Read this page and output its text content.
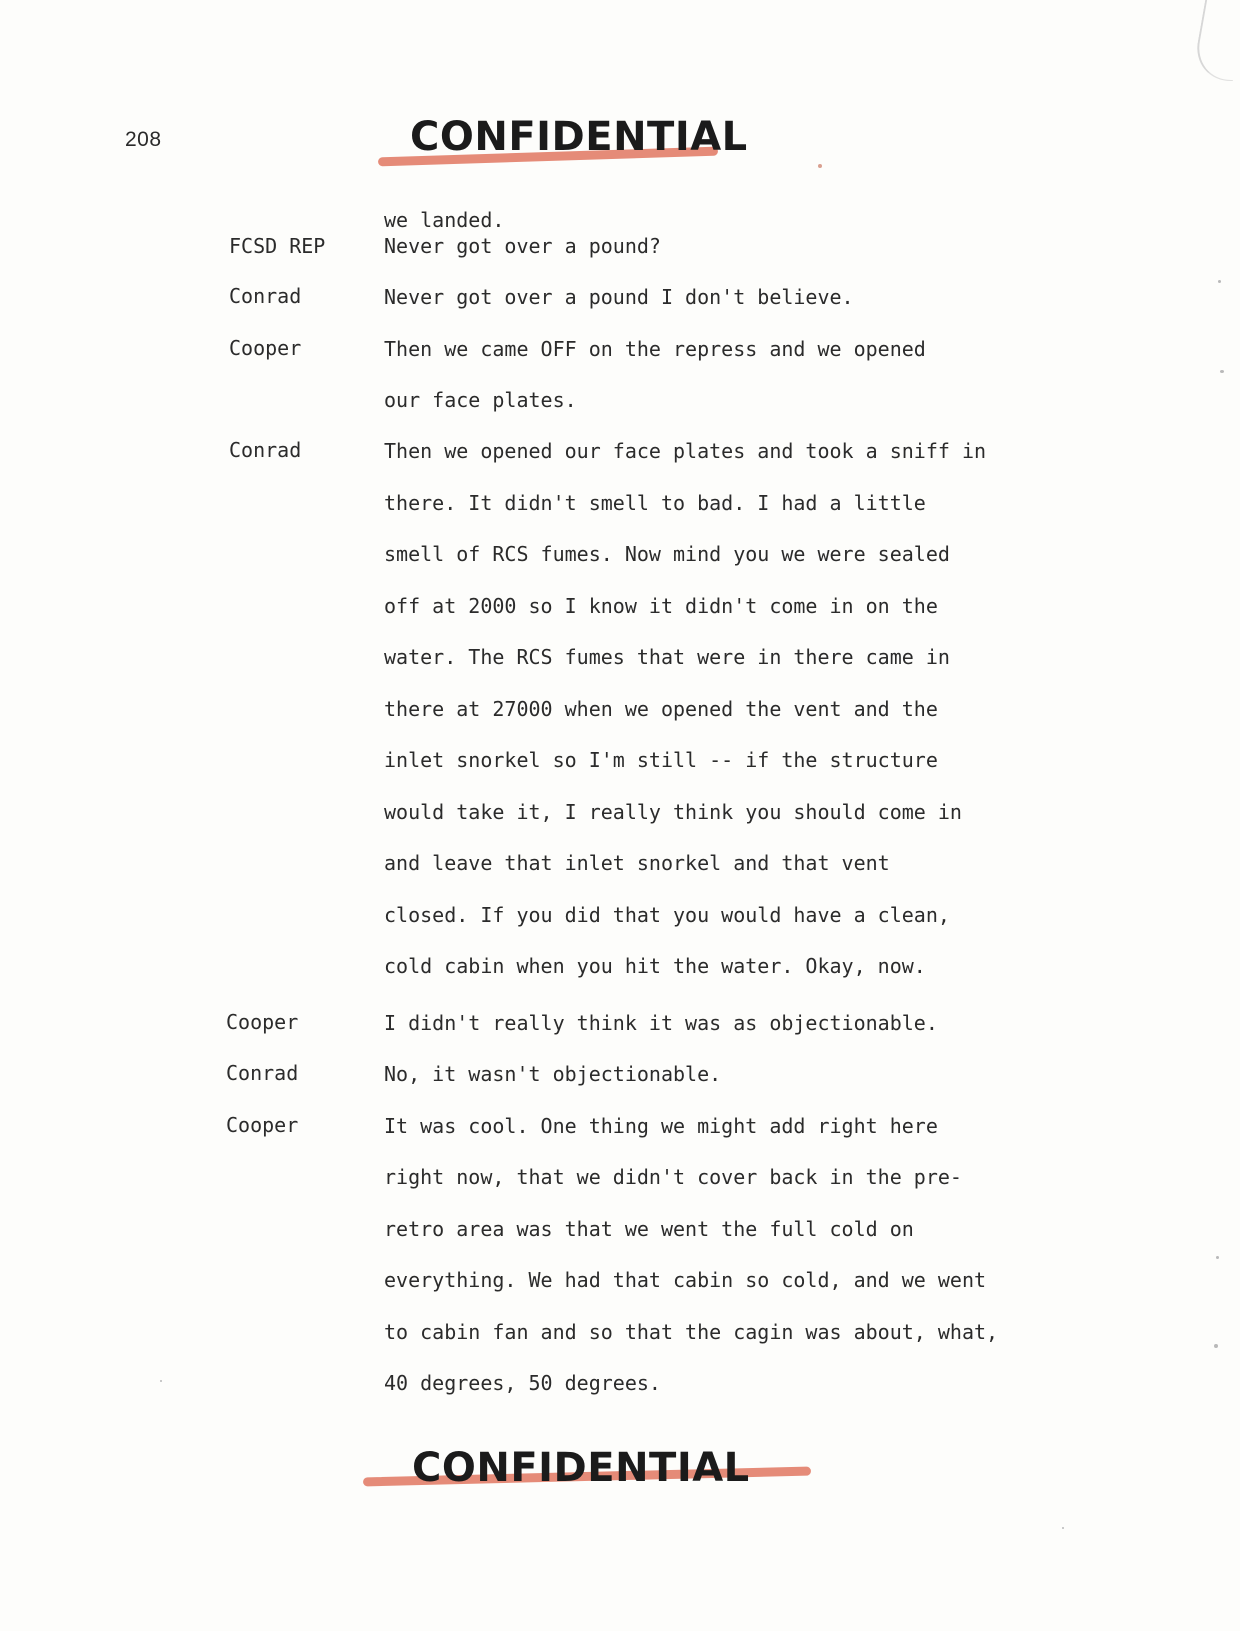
208	CONFIDENTIAL
FCSD REP
Conrad
Cooper
Conrad
Cooper
Conrad
Cooper
we landed.
Never got over a pound?
Never got over a pound I don't believe.
Then we came OFF on the repress and we opened
our face plates.
Then we opened our face plates and took a sniff in
there. It didn't smell to bad. I had a little
smell of RCS fumes. Now mind you we were sealed
off at 2000 so I know it didn't come in on the
water. The RCS fumes that were in there came in
there at 27000 when we opened the vent and the
inlet snorkel so I'm still -- if the structure
would take it, I really think you should come in
and leave that inlet snorkel and that vent
closed. If you did that you would have a clean,
cold cabin when you hit the water. Okay, now.
I didn't really think it was as objectionable.
No, it wasn't objectionable.
It was cool. One thing we might add right here
right now, that we didn't cover back in the pre-
retro area was that we went the full cold on
everything. We had that cabin so cold, and we went
to cabin fan and so that the cagin was about, what,
40 degrees, 50 degrees.
CONFIDENTIAL
